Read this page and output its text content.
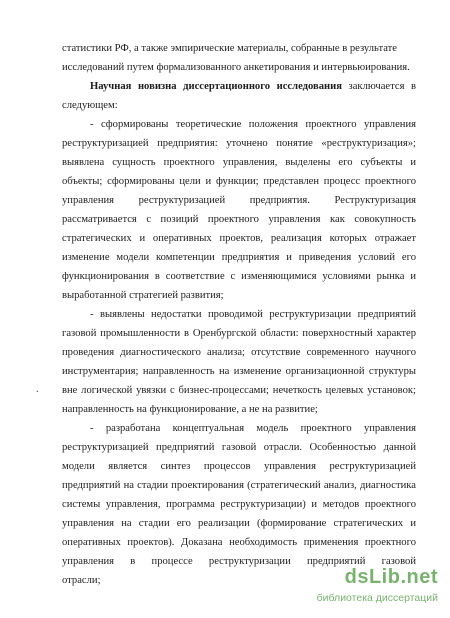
статистики РФ, а также эмпирические материалы, собранные в результате
исследований путем формализованного анкетирования и интервьюирования.
Научная новизна диссертационного исследования заключается в
следующем:
- сформированы теоретические положения проектного управления
реструктуризацией предприятия: уточнено понятие «реструктуризация»;
выявлена сущность проектного управления, выделены его субъекты и
объекты; сформированы цели и функции; представлен процесс проектного
управления реструктуризацией предприятия. Реструктуризация
рассматривается с позиций проектного управления как совокупность
стратегических и оперативных проектов, реализация которых отражает
изменение модели компетенции предприятия и приведения условий его
функционирования в соответствие с изменяющимися условиями рынка и
выработанной стратегией развития;
- выявлены недостатки проводимой реструктуризации предприятий
газовой промышленности в Оренбургской области: поверхностный характер
проведения диагностического анализа; отсутствие современного научного
инструментария; направленность на изменение организационной структуры
вне логической увязки с бизнес-процессами; нечеткость целевых установок;
направленность на функционирование, а не на развитие;
- разработана концептуальная модель проектного управления
реструктуризацией предприятий газовой отрасли. Особенностью данной
модели является синтез процессов управления реструктуризацией
предприятий на стадии проектирования (стратегический анализ, диагностика
системы управления, программа реструктуризации) и методов проектного
управления на стадии его реализации (формирование стратегических и
оперативных проектов). Доказана необходимость применения проектного
управления в процессе реструктуризации предприятий газовой
отрасли;
.
dsLib.net
библиотека диссертаций
